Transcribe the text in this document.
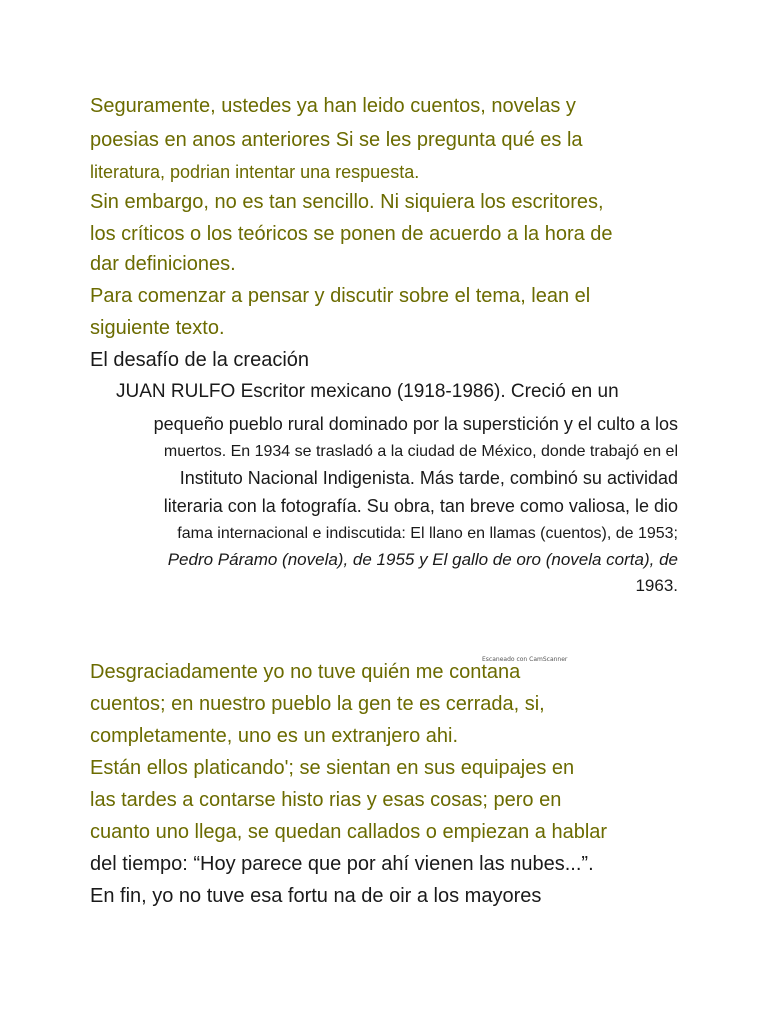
Seguramente, ustedes ya han leido cuentos, novelas y
poesias en anos anteriores Si se les pregunta qué es la
literatura, podrian intentar una respuesta.
Sin embargo, no es tan sencillo. Ni siquiera los escritores,
los críticos o los teóricos se ponen de acuerdo a la hora de
dar definiciones.
Para comenzar a pensar y discutir sobre el tema, lean el
siguiente texto.
El desafío de la creación
JUAN RULFO Escritor mexicano (1918-1986). Creció en un
pequeño pueblo rural dominado por la superstición y el culto a los
muertos. En 1934 se trasladó a la ciudad de México, donde trabajó en el
Instituto Nacional Indigenista. Más tarde, combinó su actividad
literaria con la fotografía. Su obra, tan breve como valiosa, le dio
fama internacional e indiscutida: El llano en llamas (cuentos), de 1953;
Pedro Páramo (novela), de 1955 y El gallo de oro (novela corta), de
1963.
Escaneado con CamScanner
Desgraciadamente yo no tuve quién me contana
cuentos; en nuestro pueblo la gen te es cerrada, si,
completamente, uno es un extranjero ahi.
Están ellos platicando'; se sientan en sus equipajes en
las tardes a contarse histo rias y esas cosas; pero en
cuanto uno llega, se quedan callados o empiezan a hablar
del tiempo: “Hoy parece que por ahí vienen las nubes...”.
En fin, yo no tuve esa fortu na de oir a los mayores
